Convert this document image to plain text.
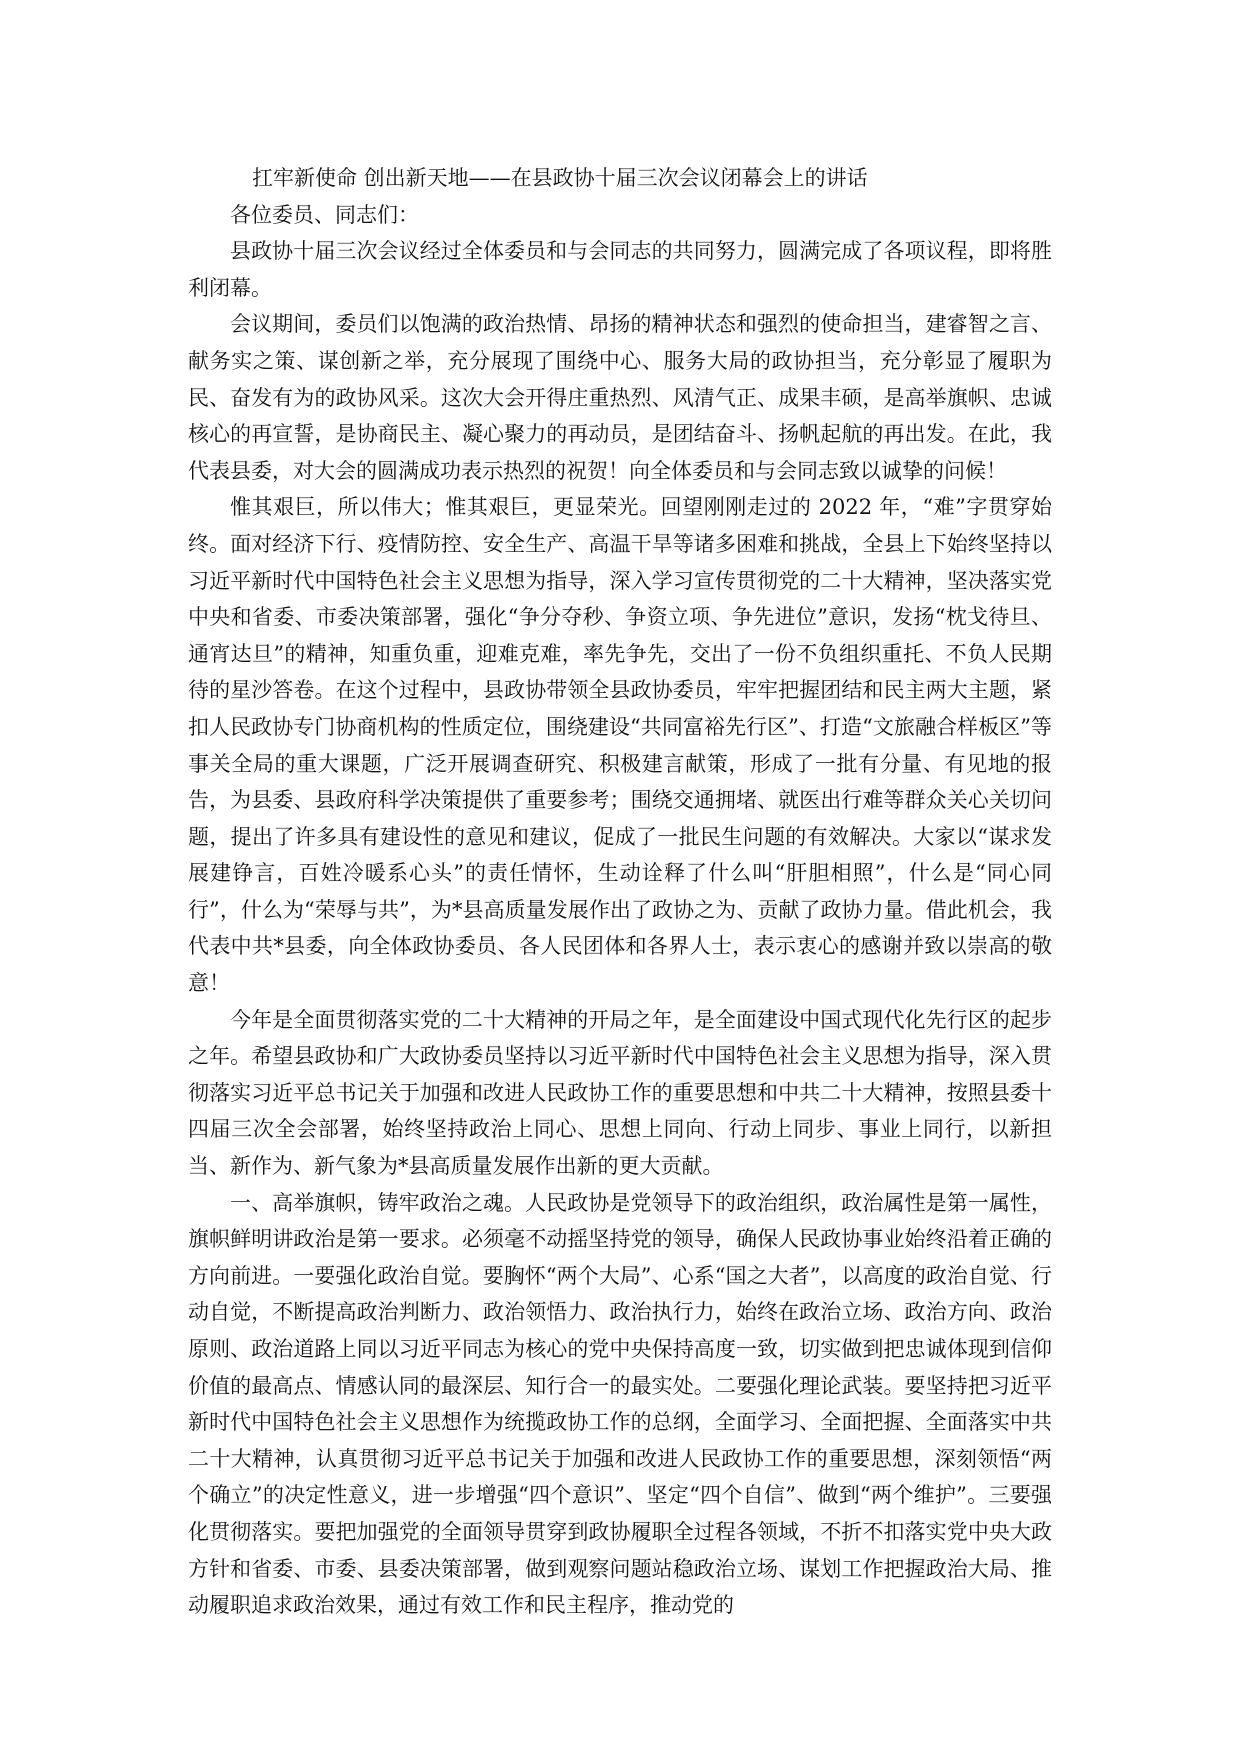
扛牢新使命 创出新天地——在县政协十届三次会议闭幕会上的讲话

各位委员、同志们：

县政协十届三次会议经过全体委员和与会同志的共同努力，圆满完成了各项议程，即将胜利闭幕。

会议期间，委员们以饱满的政治热情、昂扬的精神状态和强烈的使命担当，建睿智之言、献务实之策、谋创新之举，充分展现了围绕中心、服务大局的政协担当，充分彰显了履职为民、奋发有为的政协风采。这次大会开得庄重热烈、风清气正、成果丰硕，是高举旗帜、忠诚核心的再宣誓，是协商民主、凝心聚力的再动员，是团结奋斗、扬帆起航的再出发。在此，我代表县委，对大会的圆满成功表示热烈的祝贺！向全体委员和与会同志致以诚挚的问候！

惟其艰巨，所以伟大；惟其艰巨，更显荣光。回望刚刚走过的 2022 年，“难”字贯穿始终。面对经济下行、疫情防控、安全生产、高温干旱等诸多困难和挑战，全县上下始终坚持以习近平新时代中国特色社会主义思想为指导，深入学习宣传贯彻党的二十大精神，坚决落实党中央和省委、市委决策部署，强化“争分夺秒、争资立项、争先进位”意识，发扬“枕戈待旦、通宵达旦”的精神，知重负重，迎难克难，率先争先，交出了一份不负组织重托、不负人民期待的星沙答卷。在这个过程中，县政协带领全县政协委员，牢牢把握团结和民主两大主题，紧扣人民政协专门协商机构的性质定位，围绕建设“共同富裕先行区”、打造“文旅融合样板区”等事关全局的重大课题，广泛开展调查研究、积极建言献策，形成了一批有分量、有见地的报告，为县委、县政府科学决策提供了重要参考；围绕交通拥堵、就医出行难等群众关心关切问题，提出了许多具有建设性的意见和建议，促成了一批民生问题的有效解决。大家以“谋求发展建铮言，百姓冷暖系心头”的责任情怀，生动诠释了什么叫“肝胆相照”，什么是“同心同行”，什么为“荣辱与共”，为*县高质量发展作出了政协之为、贡献了政协力量。借此机会，我代表中共*县委，向全体政协委员、各人民团体和各界人士，表示衷心的感谢并致以崇高的敬意！

今年是全面贯彻落实党的二十大精神的开局之年，是全面建设中国式现代化先行区的起步之年。希望县政协和广大政协委员坚持以习近平新时代中国特色社会主义思想为指导，深入贯彻落实习近平总书记关于加强和改进人民政协工作的重要思想和中共二十大精神，按照县委十四届三次全会部署，始终坚持政治上同心、思想上同向、行动上同步、事业上同行，以新担当、新作为、新气象为*县高质量发展作出新的更大贡献。

一、高举旗帜，铸牢政治之魂。人民政协是党领导下的政治组织，政治属性是第一属性，旗帜鲜明讲政治是第一要求。必须毫不动摇坚持党的领导，确保人民政协事业始终沿着正确的方向前进。一要强化政治自觉。要胸怀“两个大局”、心系“国之大者”，以高度的政治自觉、行动自觉，不断提高政治判断力、政治领悟力、政治执行力，始终在政治立场、政治方向、政治原则、政治道路上同以习近平同志为核心的党中央保持高度一致，切实做到把忠诚体现到信仰价值的最高点、情感认同的最深层、知行合一的最实处。二要强化理论武装。要坚持把习近平新时代中国特色社会主义思想作为统揽政协工作的总纲，全面学习、全面把握、全面落实中共二十大精神，认真贯彻习近平总书记关于加强和改进人民政协工作的重要思想，深刻领悟“两个确立”的决定性意义，进一步增强“四个意识”、坚定“四个自信”、做到“两个维护”。三要强化贯彻落实。要把加强党的全面领导贯穿到政协履职全过程各领域，不折不扣落实党中央大政方针和省委、市委、县委决策部署，做到观察问题站稳政治立场、谋划工作把握政治大局、推动履职追求政治效果，通过有效工作和民主程序，推动党的
